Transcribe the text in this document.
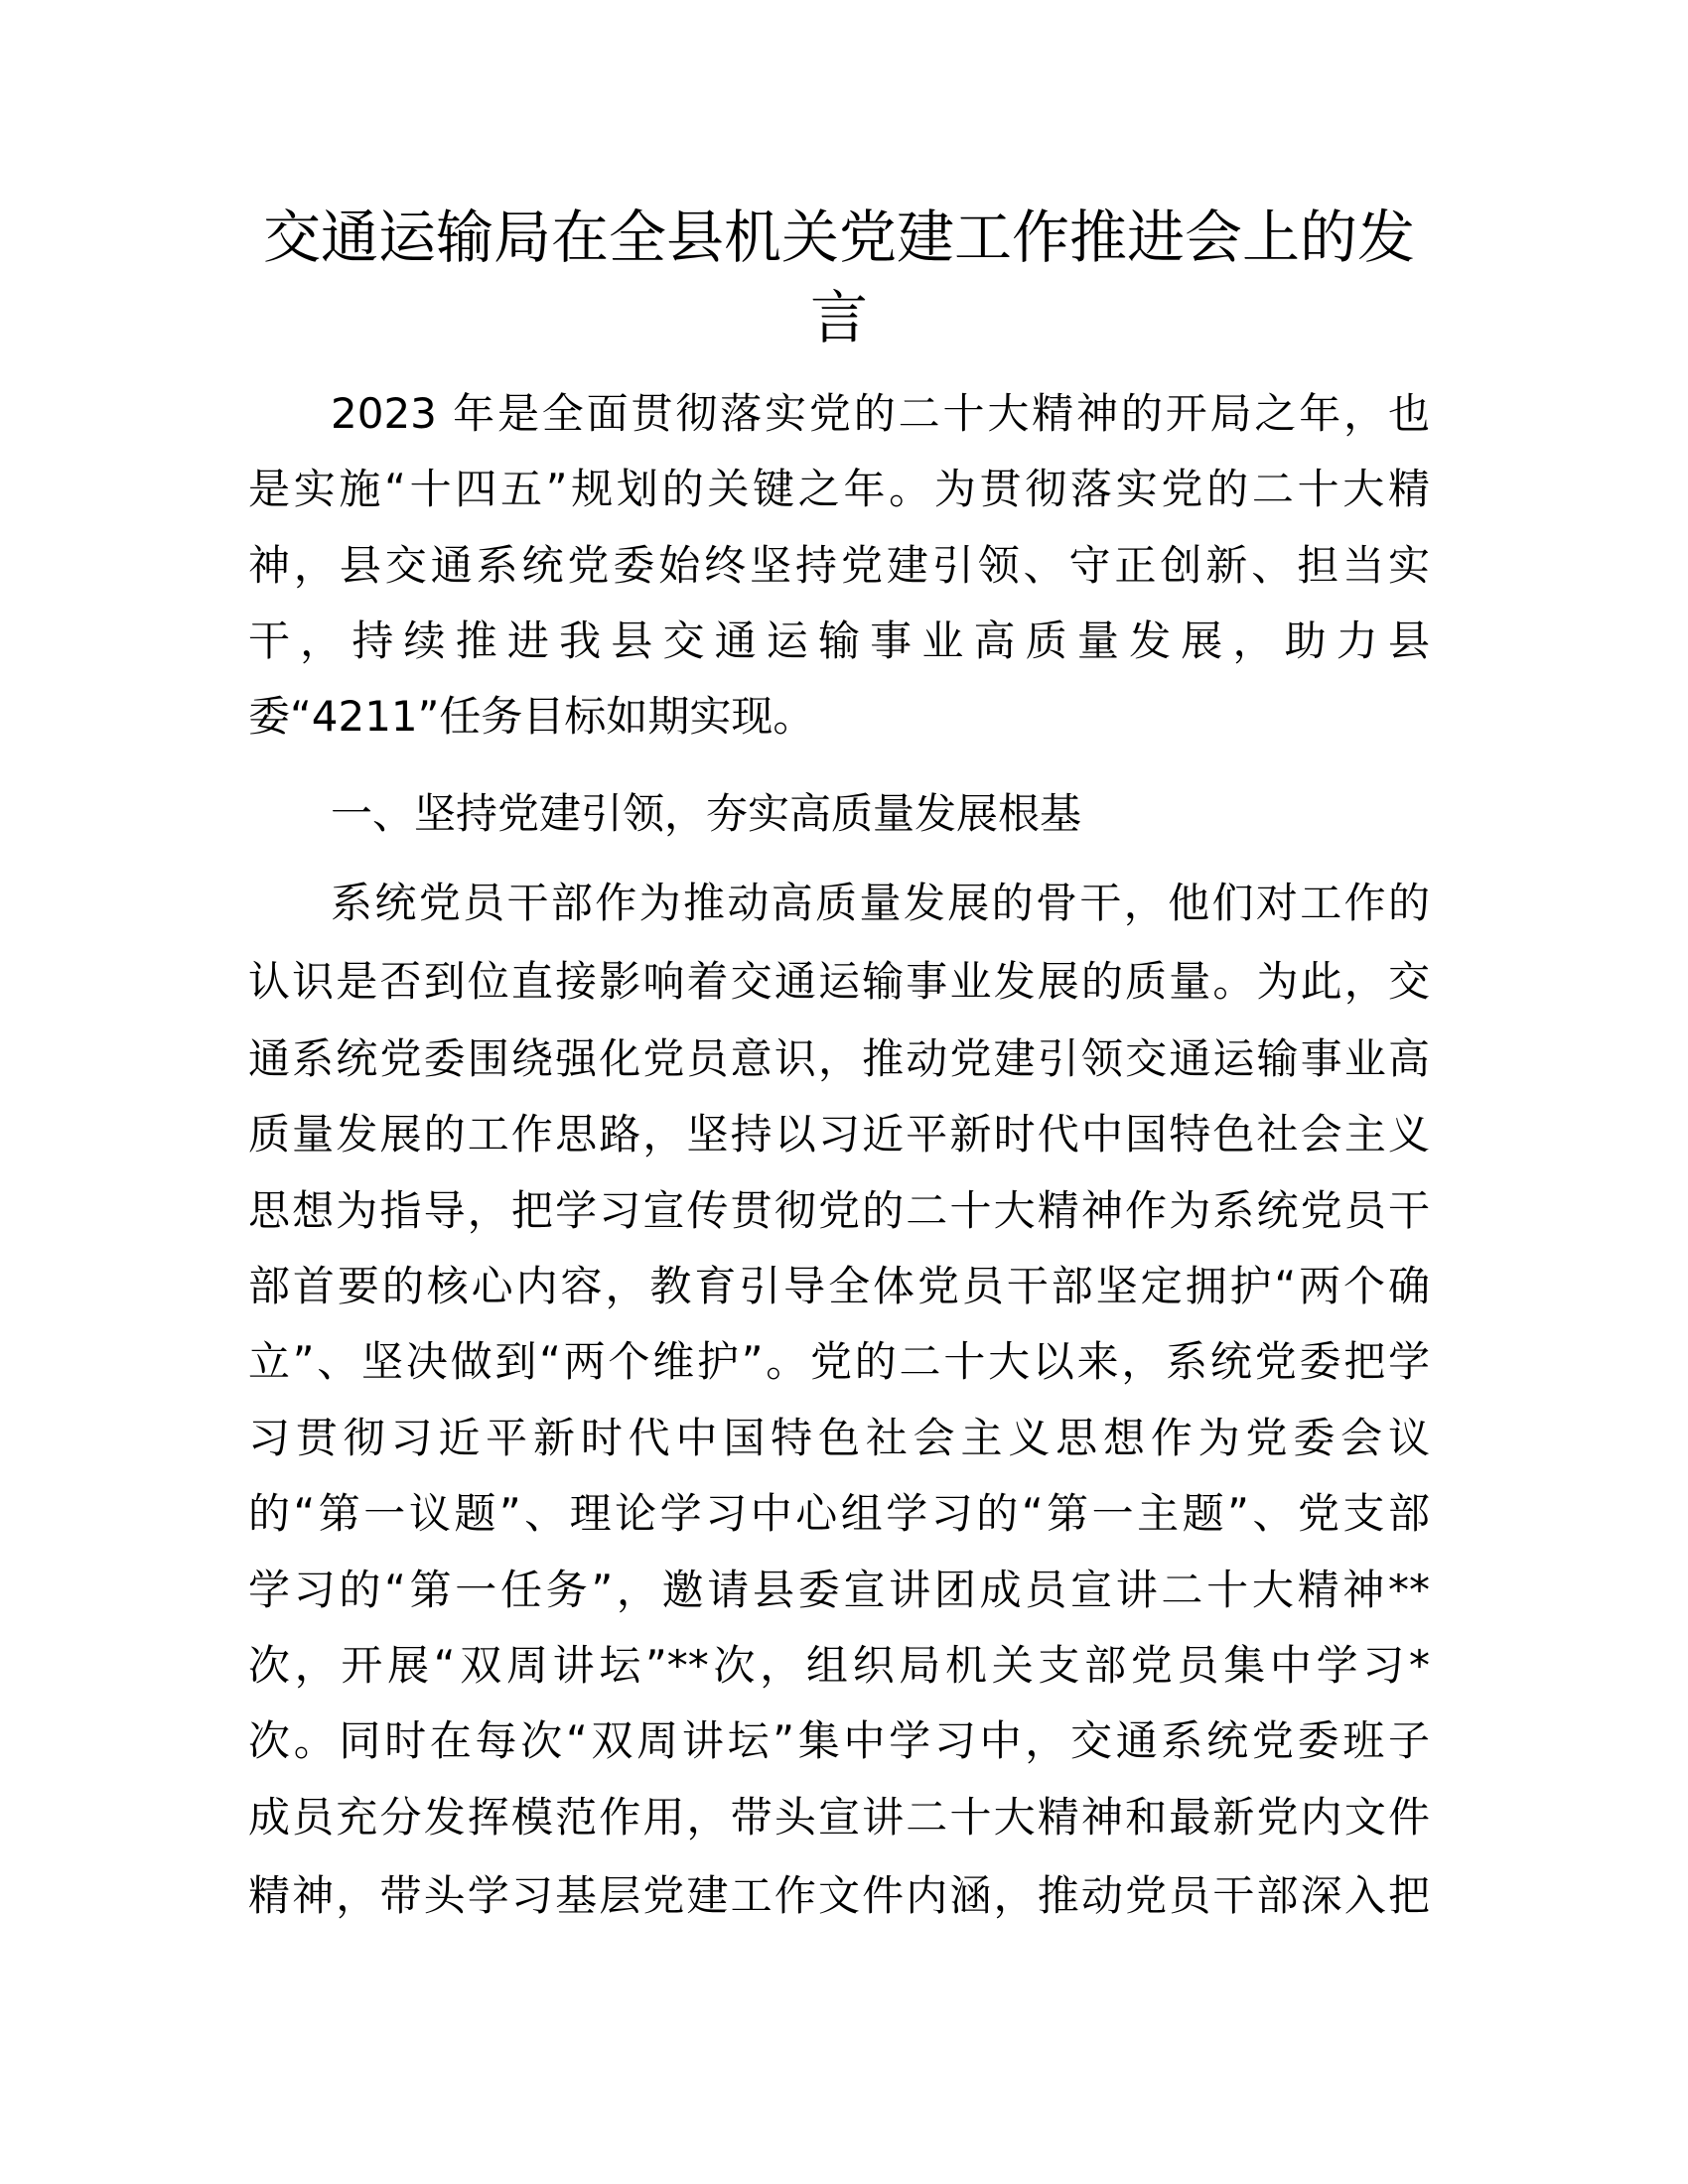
交通运输局在全县机关党建工作推进会上的发
言
2023 年是全面贯彻落实党的二十大精神的开局之年，也
是实施“十四五”规划的关键之年。为贯彻落实党的二十大精
神，县交通系统党委始终坚持党建引领、守正创新、担当实
干，持续推进我县交通运输事业高质量发展，助力县
委“4211”任务目标如期实现。
一、坚持党建引领，夯实高质量发展根基
系统党员干部作为推动高质量发展的骨干，他们对工作的
认识是否到位直接影响着交通运输事业发展的质量。为此，交
通系统党委围绕强化党员意识，推动党建引领交通运输事业高
质量发展的工作思路，坚持以习近平新时代中国特色社会主义
思想为指导，把学习宣传贯彻党的二十大精神作为系统党员干
部首要的核心内容，教育引导全体党员干部坚定拥护“两个确
立”、坚决做到“两个维护”。党的二十大以来，系统党委把学
习贯彻习近平新时代中国特色社会主义思想作为党委会议
的“第一议题”、理论学习中心组学习的“第一主题”、党支部
学习的“第一任务”，邀请县委宣讲团成员宣讲二十大精神**
次，开展“双周讲坛”**次，组织局机关支部党员集中学习*
次。同时在每次“双周讲坛”集中学习中，交通系统党委班子
成员充分发挥模范作用，带头宣讲二十大精神和最新党内文件
精神，带头学习基层党建工作文件内涵，推动党员干部深入把
